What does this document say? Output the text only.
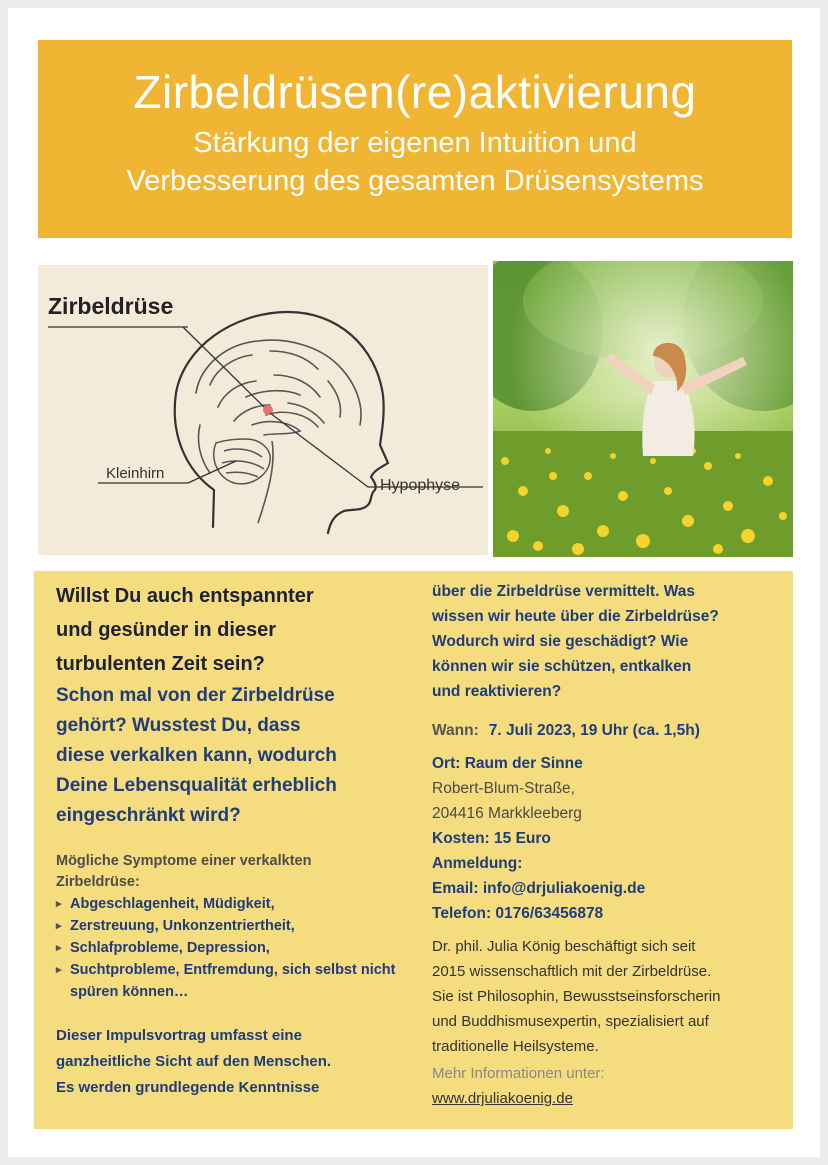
Zirbeldrüsen(re)aktivierung
Stärkung der eigenen Intuition und
Verbesserung des gesamten Drüsensystems
Zirbeldrüse
Kleinhirn
Hypophyse

Willst Du auch entspannter

und gesünder in dieser

turbulenten Zeit sein?

Schon mal von der Zirbeldrüse

gehört? Wusstest Du, dass

diese verkalken kann, wodurch

Deine Lebensqualität erheblich

eingeschränkt wird?

Mögliche Symptome einer verkalkten
Zirbeldrüse:
▸ Abgeschlagenheit, Müdigkeit,
▸ Zerstreuung, Unkonzentriertheit,
▸ Schlafprobleme, Depression,
▸ Suchtprobleme, Entfremdung, sich selbst nicht spüren können…
Dieser Impulsvortrag umfasst eine
ganzheitliche Sicht auf den Menschen.
Es werden grundlegende Kenntnisse

über die Zirbeldrüse vermittelt. Was

wissen wir heute über die Zirbeldrüse?

Wodurch wird sie geschädigt? Wie

können wir sie schützen, entkalken

und reaktivieren?

Wann: 7. Juli 2023, 19 Uhr (ca. 1,5h)
Ort: Raum der Sinne
Robert-Blum-Straße,
204416 Markkleeberg
Kosten: 15 Euro
Anmeldung:
Email: info@drjuliakoenig.de
Telefon: 0176/63456878
Dr. phil. Julia König beschäftigt sich seit
2015 wissenschaftlich mit der Zirbeldrüse.
Sie ist Philosophin, Bewusstseinsforscherin
und Buddhismusexpertin, spezialisiert auf
traditionelle Heilsysteme.
Mehr Informationen unter:
www.drjuliakoenig.de
